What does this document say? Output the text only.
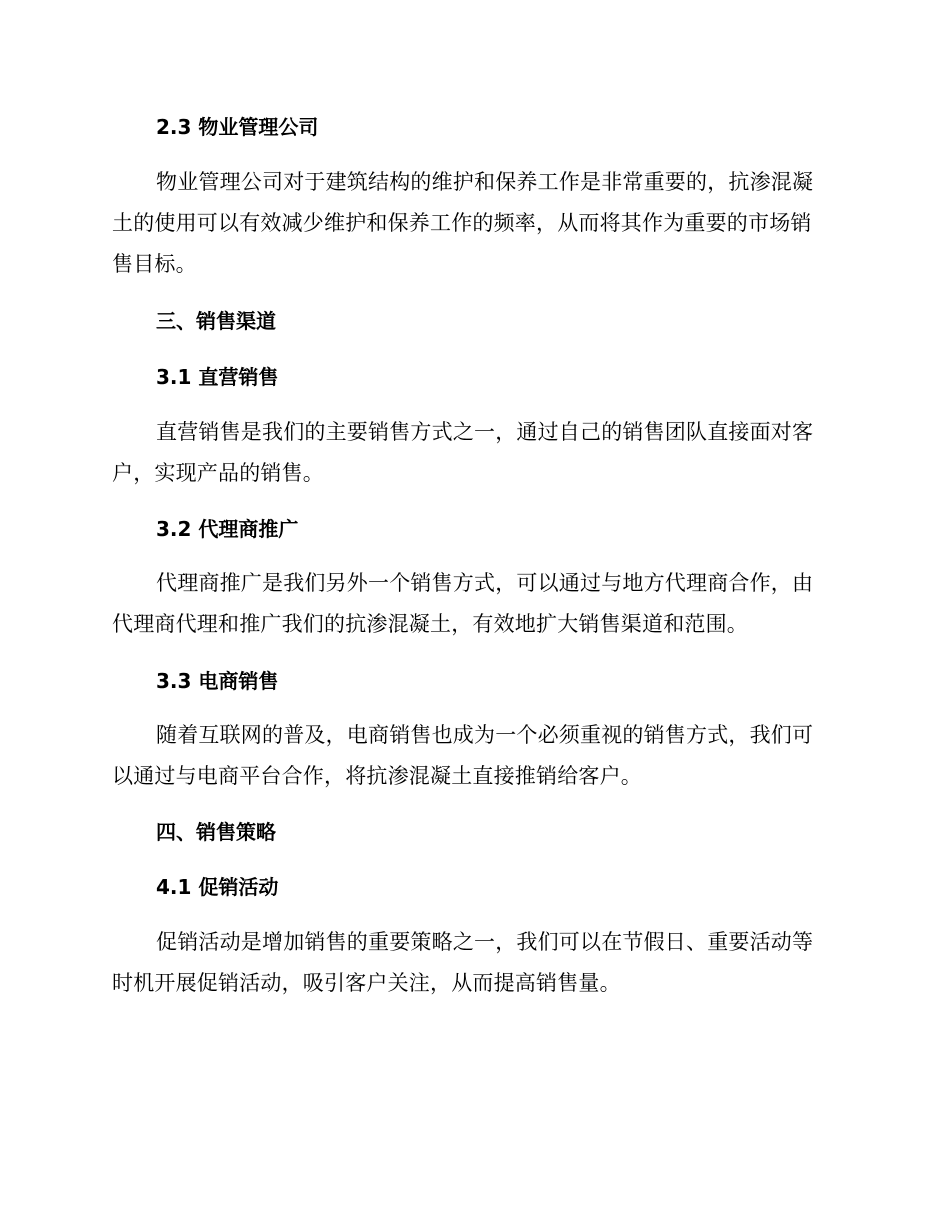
2.3 物业管理公司
物业管理公司对于建筑结构的维护和保养工作是非常重要的，抗渗混凝
土的使用可以有效减少维护和保养工作的频率，从而将其作为重要的市场销
售目标。
三、销售渠道
3.1 直营销售
直营销售是我们的主要销售方式之一，通过自己的销售团队直接面对客
户，实现产品的销售。
3.2 代理商推广
代理商推广是我们另外一个销售方式，可以通过与地方代理商合作，由
代理商代理和推广我们的抗渗混凝土，有效地扩大销售渠道和范围。
3.3 电商销售
随着互联网的普及，电商销售也成为一个必须重视的销售方式，我们可
以通过与电商平台合作，将抗渗混凝土直接推销给客户。
四、销售策略
4.1 促销活动
促销活动是增加销售的重要策略之一，我们可以在节假日、重要活动等
时机开展促销活动，吸引客户关注，从而提高销售量。
